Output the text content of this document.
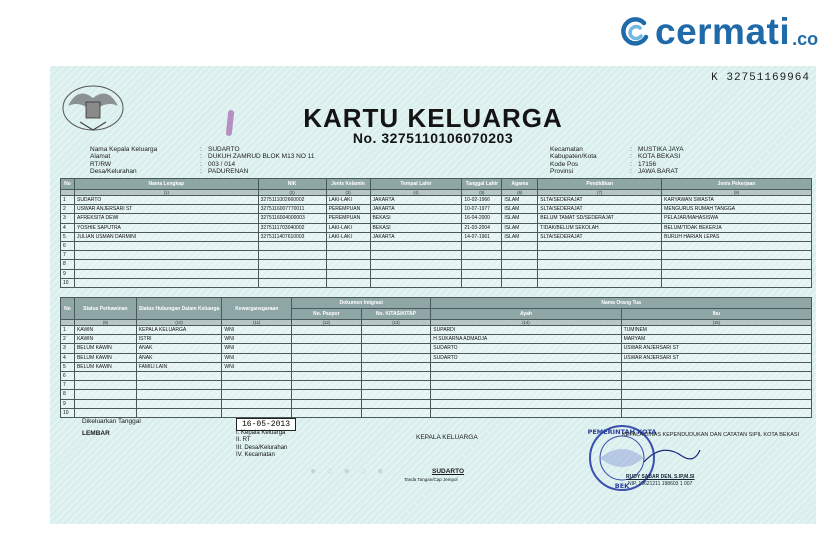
cermati .co
K 32751169964
KARTU KELUARGA
No. 3275110106070203
Nama Kepala Keluarga	: SUDARTO
Alamat	: DUKUH ZAMRUD BLOK M13 NO 11
RT/RW	: 003 / 014
Desa/Kelurahan	: PADURENAN
Kecamatan	: MUSTIKA JAYA
Kabupaten/Kota	: KOTA BEKASI
Kode Pos	: 17156
Provinsi	: JAWA BARAT
No	Nama Lengkap	NIK	Jenis Kelamin	Tempat Lahir	Tanggal Lahir	Agama	Pendidikan	Jenis Pekerjaan
	(1)	(2)	(3)	(4)	(5)	(6)	(7)	(8)
1	SUDARTO	3275111002660002	LAKI-LAKI	JAKARTA	10-02-1966	ISLAM	SLTA/SEDERAJAT	KARYAWAN SWASTA
2	USWAR ANJERSARI ST	3275116007770011	PEREMPUAN	JAKARTA	10-07-1977	ISLAM	SLTA/SEDERAJAT	MENGURUS RUMAH TANGGA
3	AFREKSITA DEWI	3275116004000003	PEREMPUAN	BEKASI	16-04-2000	ISLAM	BELUM TAMAT SD/SEDERAJAT	PELAJAR/MAHASISWA
4	YOSHIE SAPUTRA	3275111703040002	LAKI-LAKI	BEKASI	21-03-2004	ISLAM	TIDAK/BELUM SEKOLAH	BELUM/TIDAK BEKERJA
5	JULIAN USMAN DARMINI	3275111407610003	LAKI-LAKI	JAKARTA	14-07-1961	ISLAM	SLTA/SEDERAJAT	BURUH HARIAN LEPAS
6								
7								
8								
9								
10								
No	Status Perkawinan	Status Hubungan Dalam Keluarga	Kewarganegaraan	Dokumen Imigrasi		Nama Orang Tua	
				No. Paspor	No. KITAS/KITAP	Ayah	Ibu
	(9)	(10)	(11)	(12)	(13)	(14)	(15)
1	KAWIN	KEPALA KELUARGA	WNI			SUPARDI	TUMINEM
2	KAWIN	ISTRI	WNI			H SUKARNA ADMADJA	MARYAM
3	BELUM KAWIN	ANAK	WNI			SUDARTO	USWAR ANJERSARI ST
4	BELUM KAWIN	ANAK	WNI			SUDARTO	USWAR ANJERSARI ST
5	BELUM KAWIN	FAMILI LAIN	WNI				
6							
7							
8							
9							
10							
Dikeluarkan Tanggal
LEMBAR
16-05-2013
I. Kepala Keluarga
II. RT
III. Desa/Kelurahan
IV. Kecamatan
KEPALA KELUARGA
SUDARTO
Tanda Tangan/Cap Jempol
● ○ ● ○ ●
PEMERINTAH KOTA
BEK
KEPALA DINAS KEPENDUDUKAN DAN CATATAN SIPIL KOTA BEKASI
RUDY SABAR DEN, S.IP,M.SI
NIP. 19621211 198603 1 007
